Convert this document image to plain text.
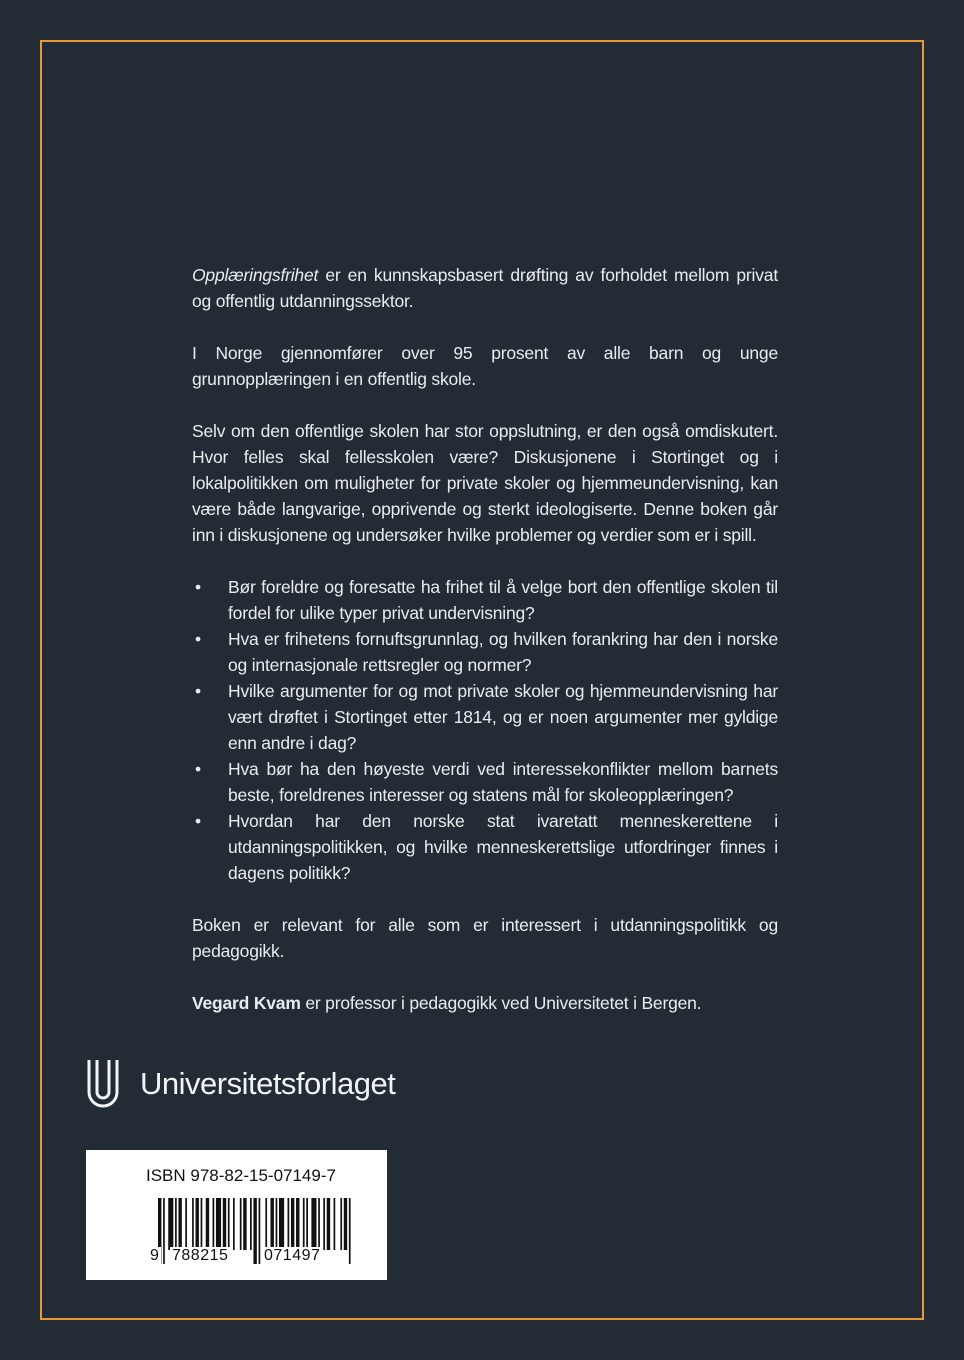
Opplæringsfrihet er en kunnskapsbasert drøfting av forholdet mellom privat og offentlig utdanningssektor.

I Norge gjennomfører over 95 prosent av alle barn og unge grunnopplæringen i en offentlig skole.

Selv om den offentlige skolen har stor oppslutning, er den også omdiskutert. Hvor felles skal fellesskolen være? Diskusjonene i Stortinget og i lokalpolitikken om muligheter for private skoler og hjemmeundervisning, kan være både langvarige, opprivende og sterkt ideologiserte. Denne boken går inn i diskusjonene og undersøker hvilke problemer og verdier som er i spill.

• Bør foreldre og foresatte ha frihet til å velge bort den offentlige skolen til fordel for ulike typer privat undervisning?
• Hva er frihetens fornuftsgrunnlag, og hvilken forankring har den i norske og internasjonale rettsregler og normer?
• Hvilke argumenter for og mot private skoler og hjemmeundervisning har vært drøftet i Stortinget etter 1814, og er noen argumenter mer gyldige enn andre i dag?
• Hva bør ha den høyeste verdi ved interessekonflikter mellom barnets beste, foreldrenes interesser og statens mål for skoleopplæringen?
• Hvordan har den norske stat ivaretatt menneskerettene i utdanningspolitikken, og hvilke menneskerettslige utfordringer finnes i dagens politikk?

Boken er relevant for alle som er interessert i utdanningspolitikk og pedagogikk.

Vegard Kvam er professor i pedagogikk ved Universitetet i Bergen.

Universitetsforlaget
ISBN 978-82-15-07149-7
9 788215 071497
